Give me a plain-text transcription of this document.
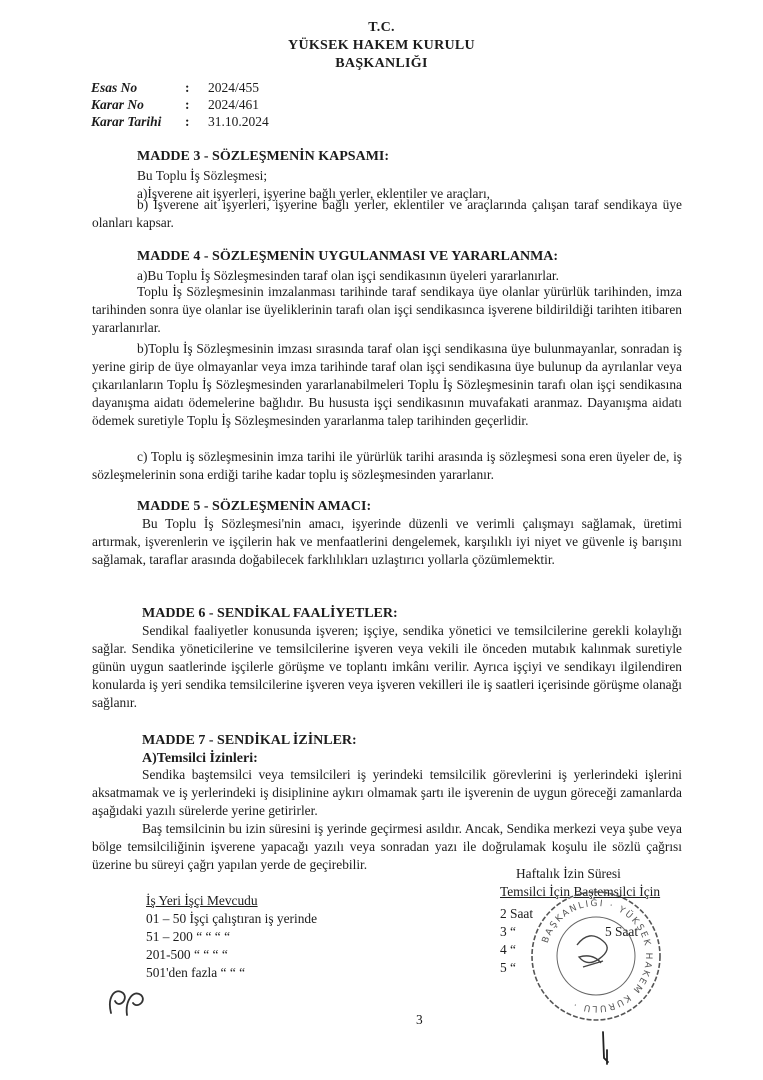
T.C.
YÜKSEK HAKEM KURULU
BAŞKANLIĞI
Esas No	: 2024/455
Karar No	: 2024/461
Karar Tarihi : 31.10.2024
MADDE 3 - SÖZLEŞMENİN KAPSAMI:
Bu Toplu İş Sözleşmesi;
a)İşverene ait işyerleri, işyerine bağlı yerler, eklentiler ve araçları,
b) İşverene ait işyerleri, işyerine bağlı yerler, eklentiler ve araçlarında çalışan taraf sendikaya üye olanları kapsar.
MADDE 4 - SÖZLEŞMENİN UYGULANMASI VE YARARLANMA:
a)Bu Toplu İş Sözleşmesinden taraf olan işçi sendikasının üyeleri yararlanırlar.
Toplu İş Sözleşmesinin imzalanması tarihinde taraf sendikaya üye olanlar yürürlük tarihinden, imza tarihinden sonra üye olanlar ise üyeliklerinin tarafı olan işçi sendikasınca işverene bildirildiği tarihten itibaren yararlanırlar.
b)Toplu İş Sözleşmesinin imzası sırasında taraf olan işçi sendikasına üye bulunmayanlar, sonradan iş yerine girip de üye olmayanlar veya imza tarihinde taraf olan işçi sendikasına üye bulunup da ayrılanlar veya çıkarılanların Toplu İş Sözleşmesinden yararlanabilmeleri Toplu İş Sözleşmesinin tarafı olan işçi sendikasına dayanışma aidatı ödemelerine bağlıdır. Bu hususta işçi sendikasının muvafakati aranmaz. Dayanışma aidatı ödemek suretiyle Toplu İş Sözleşmesinden yararlanma talep tarihinden geçerlidir.
c) Toplu iş sözleşmesinin imza tarihi ile yürürlük tarihi arasında iş sözleşmesi sona eren üyeler de, iş sözleşmelerinin sona erdiği tarihe kadar toplu iş sözleşmesinden yararlanır.
MADDE 5 - SÖZLEŞMENİN AMACI:
Bu Toplu İş Sözleşmesi'nin amacı, işyerinde düzenli ve verimli çalışmayı sağlamak, üretimi artırmak, işverenlerin ve işçilerin hak ve menfaatlerini dengelemek, karşılıklı iyi niyet ve güvenle iş barışını sağlamak, taraflar arasında doğabilecek farklılıkları uzlaştırıcı yollarla çözümlemektir.
MADDE 6 - SENDİKAL FAALİYETLER:
Sendikal faaliyetler konusunda işveren; işçiye, sendika yönetici ve temsilcilerine gerekli kolaylığı sağlar. Sendika yöneticilerine ve temsilcilerine işveren veya vekili ile önceden mutabık kalınmak suretiyle günün uygun saatlerinde işçilerle görüşme ve toplantı imkânı verilir. Ayrıca işçiyi ve sendikayı ilgilendiren konularda iş yeri sendika temsilcilerine işveren veya işveren vekilleri ile iş saatleri içerisinde görüşme olanağı sağlanır.
MADDE 7 - SENDİKAL İZİNLER:
A)Temsilci İzinleri:
Sendika baştemsilci veya temsilcileri iş yerindeki temsilcilik görevlerini iş yerlerindeki işlerini aksatmamak ve iş yerlerindeki iş disiplinine aykırı olmamak şartı ile işverenin de uygun göreceği zamanlarda aşağıdaki yazılı sürelerde yerine getirirler.
Baş temsilcinin bu izin süresini iş yerinde geçirmesi asıldır. Ancak, Sendika merkezi veya şube veya bölge temsilciliğinin işverene yapacağı yazılı veya sonradan yazı ile doğrulamak koşulu ile sözlü çağrısı üzerine bu süreyi çağrı yapılan yerde de geçirebilir.
İş Yeri İşçi Mevcudu
01 – 50 İşçi çalıştıran iş yerinde
51 – 200 “ “ “ “
201-500 “ “ “ “
501'den fazla “ “ “
Haftalık İzin Süresi
Temsilci İçin Baştemsilci İçin
2 Saat
3 “
4 “
5 “
5 Saat
BAŞKANLIĞI · YÜKSEK HAKEM KURULU ·
3
